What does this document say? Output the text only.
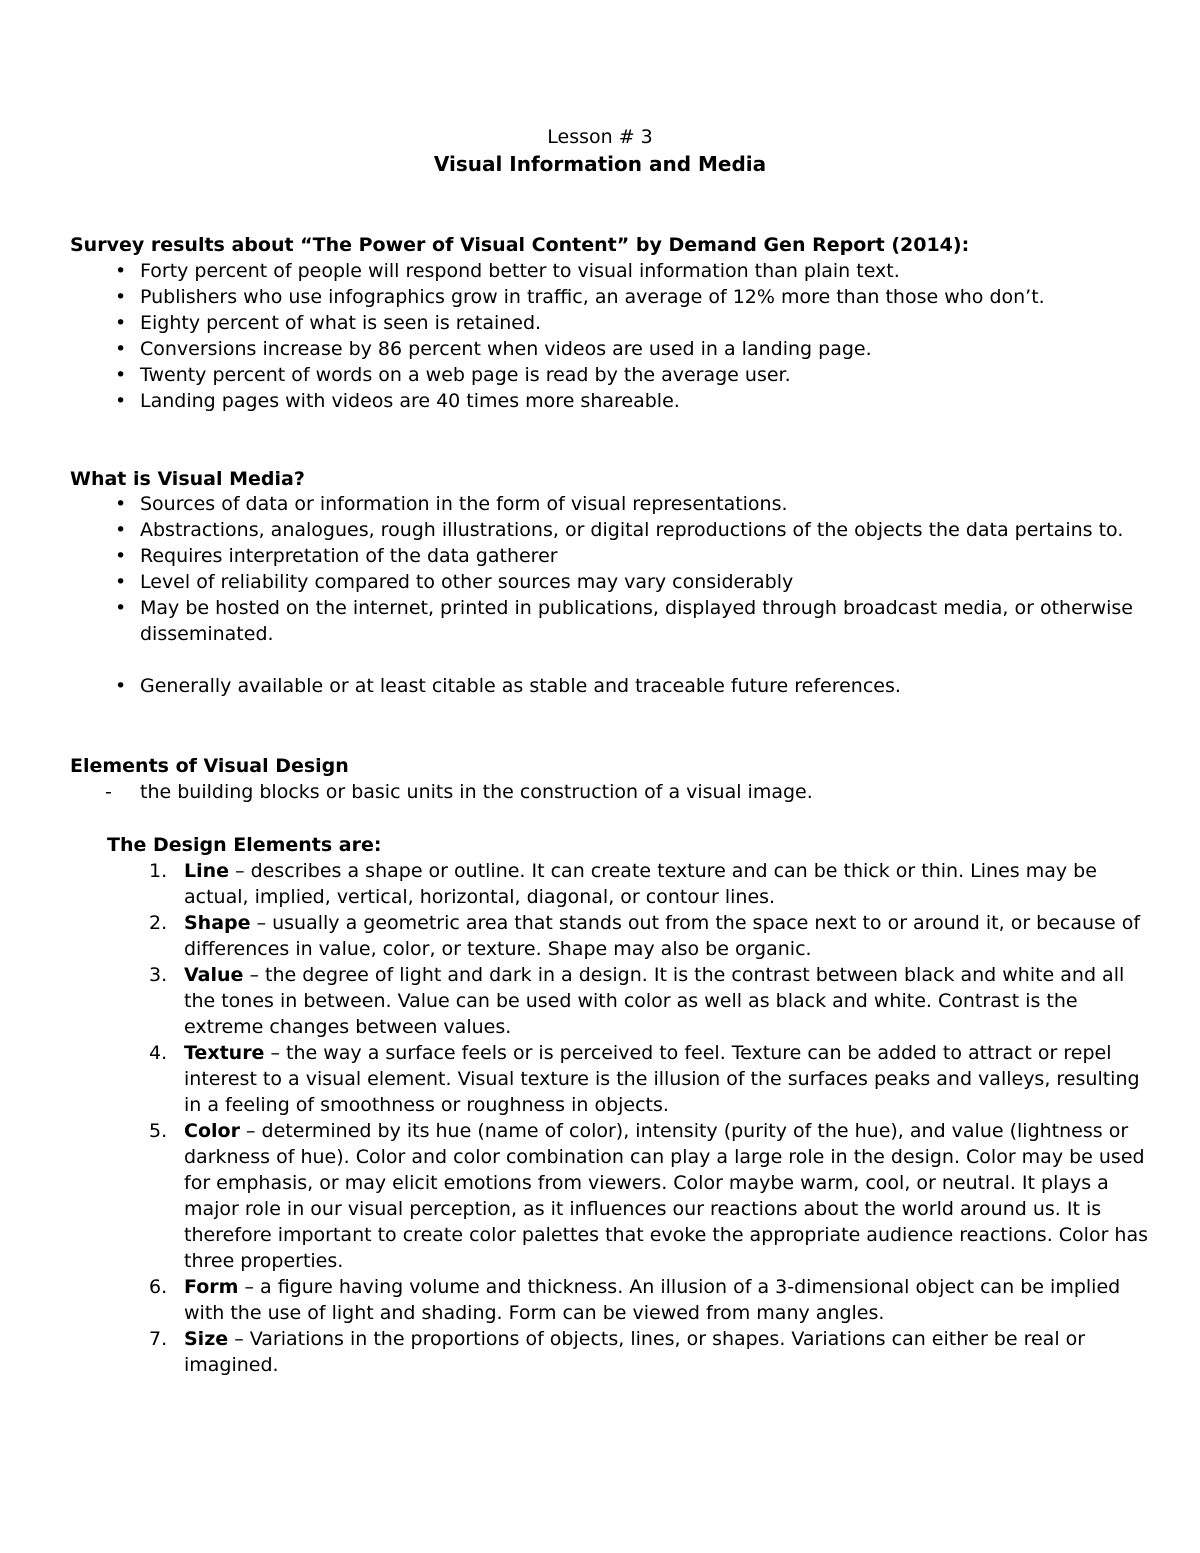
Lesson # 3
Visual Information and Media
Survey results about “The Power of Visual Content” by Demand Gen Report (2014):
• Forty percent of people will respond better to visual information than plain text.
• Publishers who use infographics grow in traffic, an average of 12% more than those who don’t.
• Eighty percent of what is seen is retained.
• Conversions increase by 86 percent when videos are used in a landing page.
• Twenty percent of words on a web page is read by the average user.
• Landing pages with videos are 40 times more shareable.
What is Visual Media?
• Sources of data or information in the form of visual representations.
• Abstractions, analogues, rough illustrations, or digital reproductions of the objects the data pertains to.
• Requires interpretation of the data gatherer
• Level of reliability compared to other sources may vary considerably
• May be hosted on the internet, printed in publications, displayed through broadcast media, or otherwise disseminated.
• Generally available or at least citable as stable and traceable future references.
Elements of Visual Design
- the building blocks or basic units in the construction of a visual image.
The Design Elements are:
1. Line – describes a shape or outline. It can create texture and can be thick or thin. Lines may be actual, implied, vertical, horizontal, diagonal, or contour lines.
2. Shape – usually a geometric area that stands out from the space next to or around it, or because of differences in value, color, or texture. Shape may also be organic.
3. Value – the degree of light and dark in a design. It is the contrast between black and white and all the tones in between. Value can be used with color as well as black and white. Contrast is the extreme changes between values.
4. Texture – the way a surface feels or is perceived to feel. Texture can be added to attract or repel interest to a visual element. Visual texture is the illusion of the surfaces peaks and valleys, resulting in a feeling of smoothness or roughness in objects.
5. Color – determined by its hue (name of color), intensity (purity of the hue), and value (lightness or darkness of hue). Color and color combination can play a large role in the design. Color may be used for emphasis, or may elicit emotions from viewers. Color maybe warm, cool, or neutral. It plays a major role in our visual perception, as it influences our reactions about the world around us. It is therefore important to create color palettes that evoke the appropriate audience reactions. Color has three properties.
6. Form – a figure having volume and thickness. An illusion of a 3-dimensional object can be implied with the use of light and shading. Form can be viewed from many angles.
7. Size – Variations in the proportions of objects, lines, or shapes. Variations can either be real or imagined.
